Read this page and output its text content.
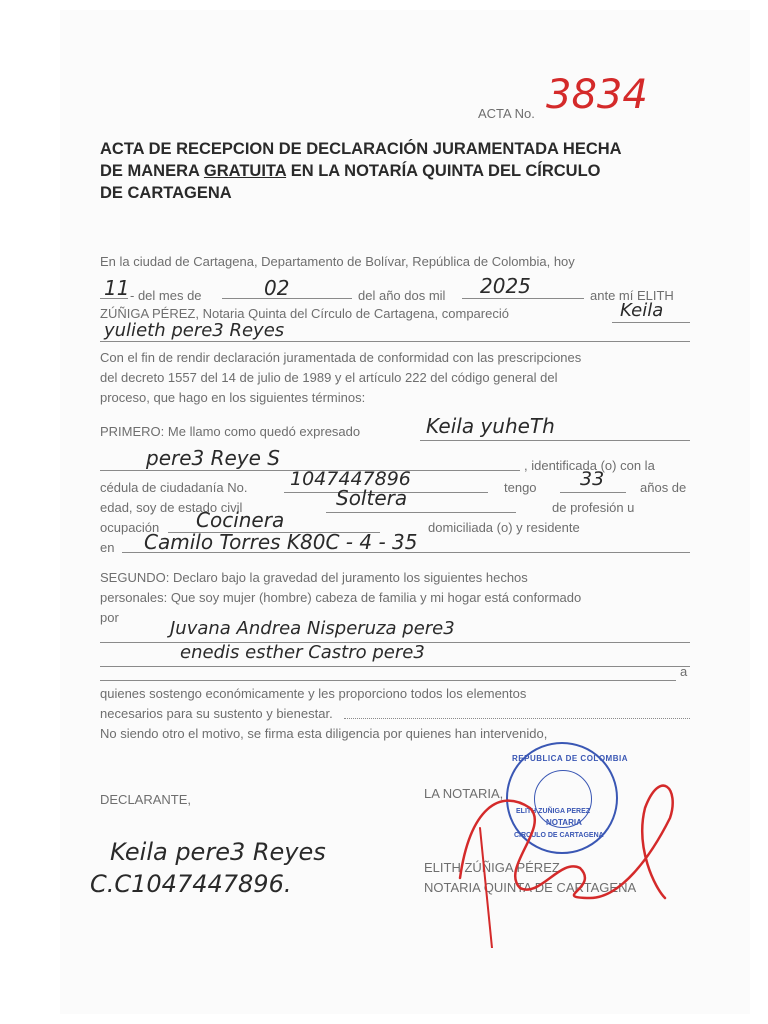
ACTA No. 3834
ACTA DE RECEPCION DE DECLARACIÓN JURAMENTADA HECHA
DE MANERA GRATUITA EN LA NOTARÍA QUINTA DEL CÍRCULO
DE CARTAGENA
En la ciudad de Cartagena, Departamento de Bolívar, República de Colombia, hoy
11 - del mes de	02	del año dos mil 2025	ante mí ELITH
ZÚÑIGA PÉREZ, Notaria Quinta del Círculo de Cartagena, compareció	Keila
yulieth pere3 Reyes
Con el fin de rendir declaración juramentada de conformidad con las prescripciones
del decreto 1557 del 14 de julio de 1989 y el artículo 222 del código general del
proceso, que hago en los siguientes términos:
PRIMERO: Me llamo como quedó expresado	Keila yuheTh
pere3 Reye S	, identificada (o) con la
cédula de ciudadanía No. 1047447896	tengo 33	años de
edad, soy de estado civil	Soltera	de profesión u
ocupación Cocinera	domiciliada (o) y residente
en Camilo Torres K80C - 4 - 35
SEGUNDO: Declaro bajo la gravedad del juramento los siguientes hechos
personales: Que soy mujer (hombre) cabeza de familia y mi hogar está conformado
por
Juvana Andrea Nisperuza pere3
enedis esther Castro pere3
a
quienes sostengo económicamente y les proporciono todos los elementos
necesarios para su sustento y bienestar.
No siendo otro el motivo, se firma esta diligencia por quienes han intervenido,
DECLARANTE,	LA NOTARIA,
Keila pere3 Reyes
C.C1047447896.
ELITH ZÚÑIGA PÉREZ
NOTARIA QUINTA DE CARTAGENA
REPUBLICA DE COLOMBIA
ELITH ZUÑIGA PEREZ
NOTARIA
CIRCULO DE CARTAGENA
